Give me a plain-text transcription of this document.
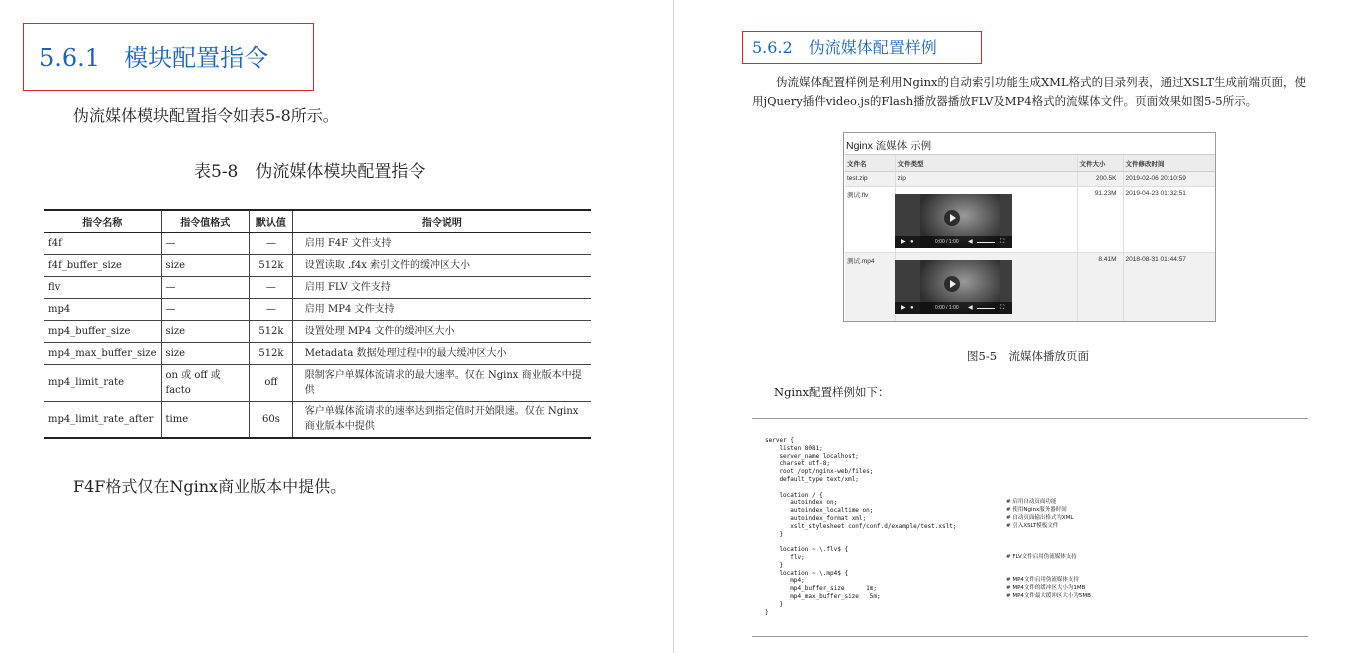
5.6.1　模块配置指令
伪流媒体模块配置指令如表5-8所示。
表5-8　伪流媒体模块配置指令
指令名称	指令值格式	默认值	指令说明
f4f	—	—	启用 F4F 文件支持
f4f_buffer_size	size	512k	设置读取 .f4x 索引文件的缓冲区大小
flv	—	—	启用 FLV 文件支持
mp4	—	—	启用 MP4 文件支持
mp4_buffer_size	size	512k	设置处理 MP4 文件的缓冲区大小
mp4_max_buffer_size	size	512k	Metadata 数据处理过程中的最大缓冲区大小
mp4_limit_rate	on 或 off 或 facto	off	限制客户单媒体流请求的最大速率。仅在 Nginx 商业版本中提供
mp4_limit_rate_after	time	60s	客户单媒体流请求的速率达到指定值时开始限速。仅在 Nginx 商业版本中提供
F4F格式仅在Nginx商业版本中提供。
5.6.2　伪流媒体配置样例
伪流媒体配置样例是利用Nginx的自动索引功能生成XML格式的目录列表，通过XSLT生成前端页面，使用jQuery插件video.js的Flash播放器播放FLV及MP4格式的流媒体文件。页面效果如图5-5所示。
Nginx 流媒体 示例
文件名	文件类型	文件大小	文件修改时间
test.zip	zip	200.5K	2019-02-06 20:10:59
测试.flv		91.23M	2019-04-23 01:32:51
测试.mp4		8.41M	2018-08-31 01:44:57
▶ ●	0:00 / 1:00 ◀	⛶
▶ ●	0:00 / 1:00 ◀	⛶
图5-5　流媒体播放页面
Nginx配置样例如下：
server {
listen 8081;
server_name localhost;
charset utf-8;
root /opt/nginx-web/files;
default_type text/xml;
location / {
autoindex on;
autoindex_localtime on;
autoindex_format xml;
xslt_stylesheet conf/conf.d/example/test.xslt;
}
location ~ \.flv$ {
flv;
}
location ~ \.mp4$ {
mp4;
mp4_buffer_size      1m;
mp4_max_buffer_size   5m;
}
}
# 启用自动页面功能
# 使用Nginx服务器时间
# 自动页面输出格式为XML
# 引入XSLT模板文件
# FLV文件启用伪流媒体支持
# MP4文件启用伪流媒体支持
# MP4文件的缓冲区大小为1MB
# MP4文件最大缓冲区大小为5MB
